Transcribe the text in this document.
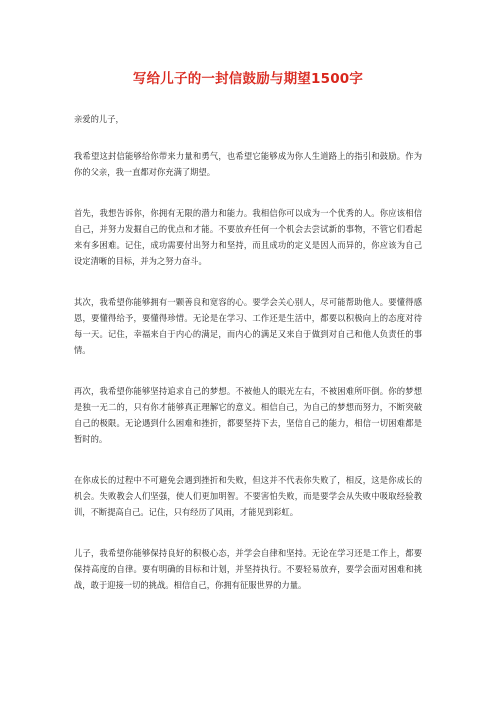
写给儿子的一封信鼓励与期望1500字

亲爱的儿子，

我希望这封信能够给你带来力量和勇气，也希望它能够成为你人生道路上的指引和鼓励。作为你的父亲，我一直都对你充满了期望。

首先，我想告诉你，你拥有无限的潜力和能力。我相信你可以成为一个优秀的人。你应该相信自己，并努力发掘自己的优点和才能。不要放弃任何一个机会去尝试新的事物，不管它们看起来有多困难。记住，成功需要付出努力和坚持，而且成功的定义是因人而异的，你应该为自己设定清晰的目标，并为之努力奋斗。

其次，我希望你能够拥有一颗善良和宽容的心。要学会关心别人，尽可能帮助他人。要懂得感恩，要懂得给予，要懂得珍惜。无论是在学习、工作还是生活中，都要以积极向上的态度对待每一天。记住，幸福来自于内心的满足，而内心的满足又来自于做到对自己和他人负责任的事情。

再次，我希望你能够坚持追求自己的梦想。不被他人的眼光左右，不被困难所吓倒。你的梦想是独一无二的，只有你才能够真正理解它的意义。相信自己，为自己的梦想而努力，不断突破自己的极限。无论遇到什么困难和挫折，都要坚持下去，坚信自己的能力，相信一切困难都是暂时的。

在你成长的过程中不可避免会遇到挫折和失败，但这并不代表你失败了，相反，这是你成长的机会。失败教会人们坚强，使人们更加明智。不要害怕失败，而是要学会从失败中吸取经验教训，不断提高自己。记住，只有经历了风雨，才能见到彩虹。

儿子，我希望你能够保持良好的积极心态，并学会自律和坚持。无论在学习还是工作上，都要保持高度的自律。要有明确的目标和计划，并坚持执行。不要轻易放弃，要学会面对困难和挑战，敢于迎接一切的挑战。相信自己，你拥有征服世界的力量。
